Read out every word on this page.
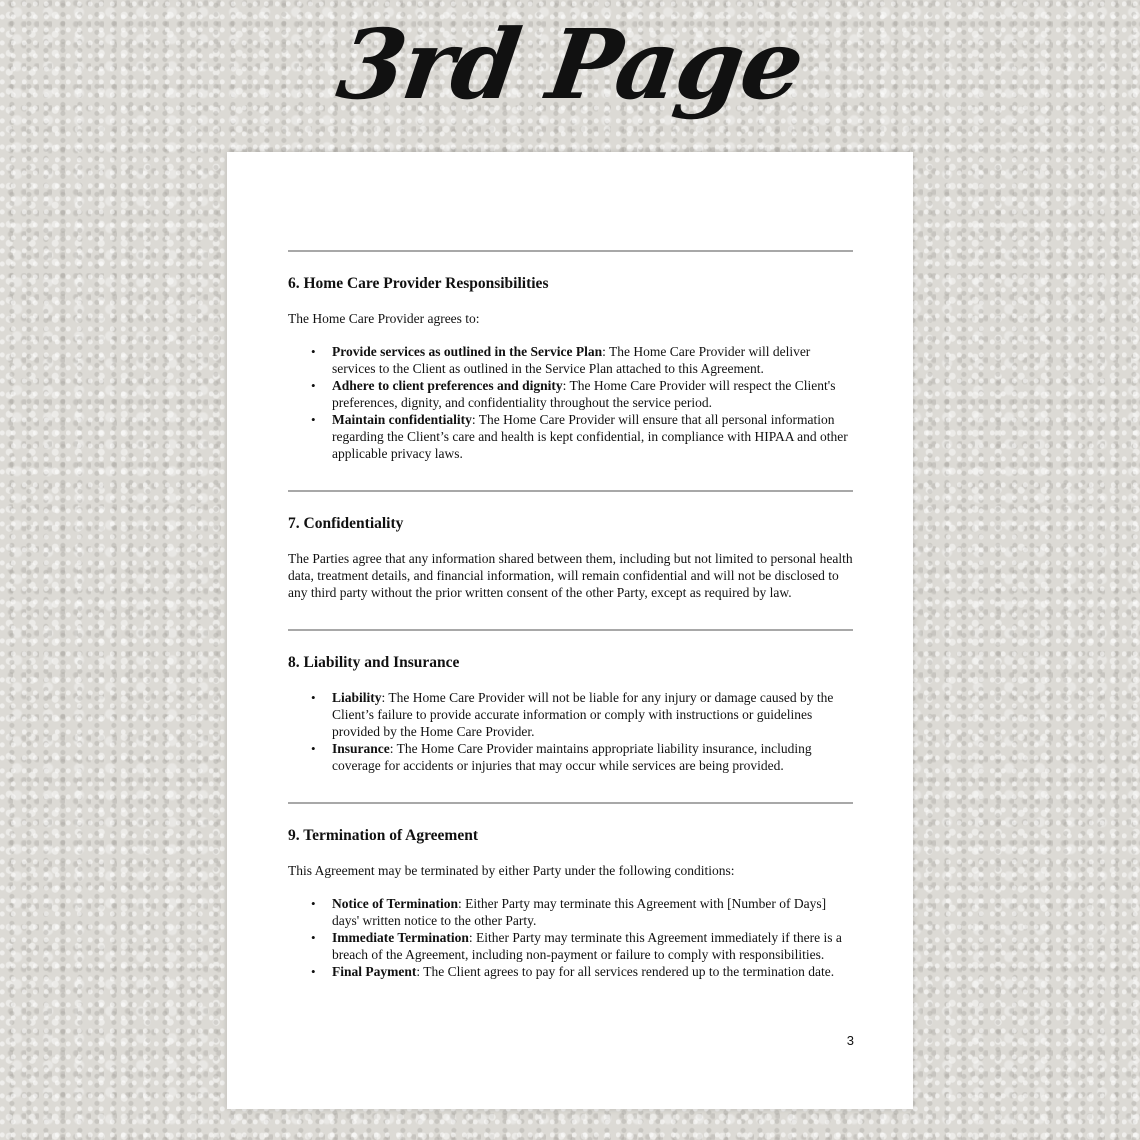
3rd Page
6. Home Care Provider Responsibilities

The Home Care Provider agrees to:

• Provide services as outlined in the Service Plan: The Home Care Provider will deliver services to the Client as outlined in the Service Plan attached to this Agreement.
• Adhere to client preferences and dignity: The Home Care Provider will respect the Client's preferences, dignity, and confidentiality throughout the service period.
• Maintain confidentiality: The Home Care Provider will ensure that all personal information regarding the Client’s care and health is kept confidential, in compliance with HIPAA and other applicable privacy laws.
7. Confidentiality

The Parties agree that any information shared between them, including but not limited to personal health data, treatment details, and financial information, will remain confidential and will not be disclosed to any third party without the prior written consent of the other Party, except as required by law.

8. Liability and Insurance
• Liability: The Home Care Provider will not be liable for any injury or damage caused by the Client’s failure to provide accurate information or comply with instructions or guidelines provided by the Home Care Provider.
• Insurance: The Home Care Provider maintains appropriate liability insurance, including coverage for accidents or injuries that may occur while services are being provided.
9. Termination of Agreement

This Agreement may be terminated by either Party under the following conditions:

• Notice of Termination: Either Party may terminate this Agreement with [Number of Days] days' written notice to the other Party.
• Immediate Termination: Either Party may terminate this Agreement immediately if there is a breach of the Agreement, including non-payment or failure to comply with responsibilities.
• Final Payment: The Client agrees to pay for all services rendered up to the termination date.
3
